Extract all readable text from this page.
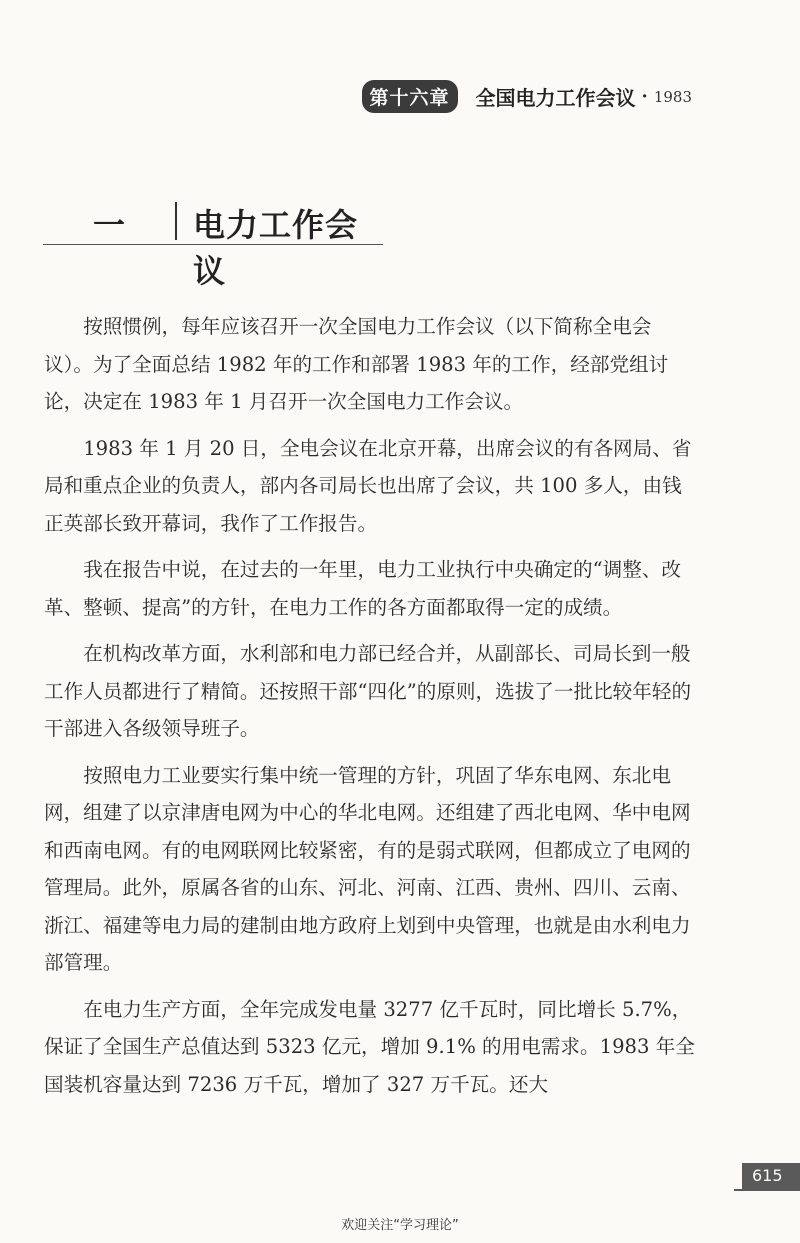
第十六章	全国电力工作会议 · 1983
一 电力工作会议

按照惯例，每年应该召开一次全国电力工作会议（以下简称全电会议）。为了全面总结 1982 年的工作和部署 1983 年的工作，经部党组讨论，决定在 1983 年 1 月召开一次全国电力工作会议。

1983 年 1 月 20 日，全电会议在北京开幕，出席会议的有各网局、省局和重点企业的负责人，部内各司局长也出席了会议，共 100 多人，由钱正英部长致开幕词，我作了工作报告。

我在报告中说，在过去的一年里，电力工业执行中央确定的“调整、改革、整顿、提高”的方针，在电力工作的各方面都取得一定的成绩。

在机构改革方面，水利部和电力部已经合并，从副部长、司局长到一般工作人员都进行了精简。还按照干部“四化”的原则，选拔了一批比较年轻的干部进入各级领导班子。

按照电力工业要实行集中统一管理的方针，巩固了华东电网、东北电网，组建了以京津唐电网为中心的华北电网。还组建了西北电网、华中电网和西南电网。有的电网联网比较紧密，有的是弱式联网，但都成立了电网的管理局。此外，原属各省的山东、河北、河南、江西、贵州、四川、云南、浙江、福建等电力局的建制由地方政府上划到中央管理，也就是由水利电力部管理。

在电力生产方面，全年完成发电量 3277 亿千瓦时，同比增长 5.7%，保证了全国生产总值达到 5323 亿元，增加 9.1% 的用电需求。1983 年全国装机容量达到 7236 万千瓦，增加了 327 万千瓦。还大

615
欢迎关注“学习理论”
